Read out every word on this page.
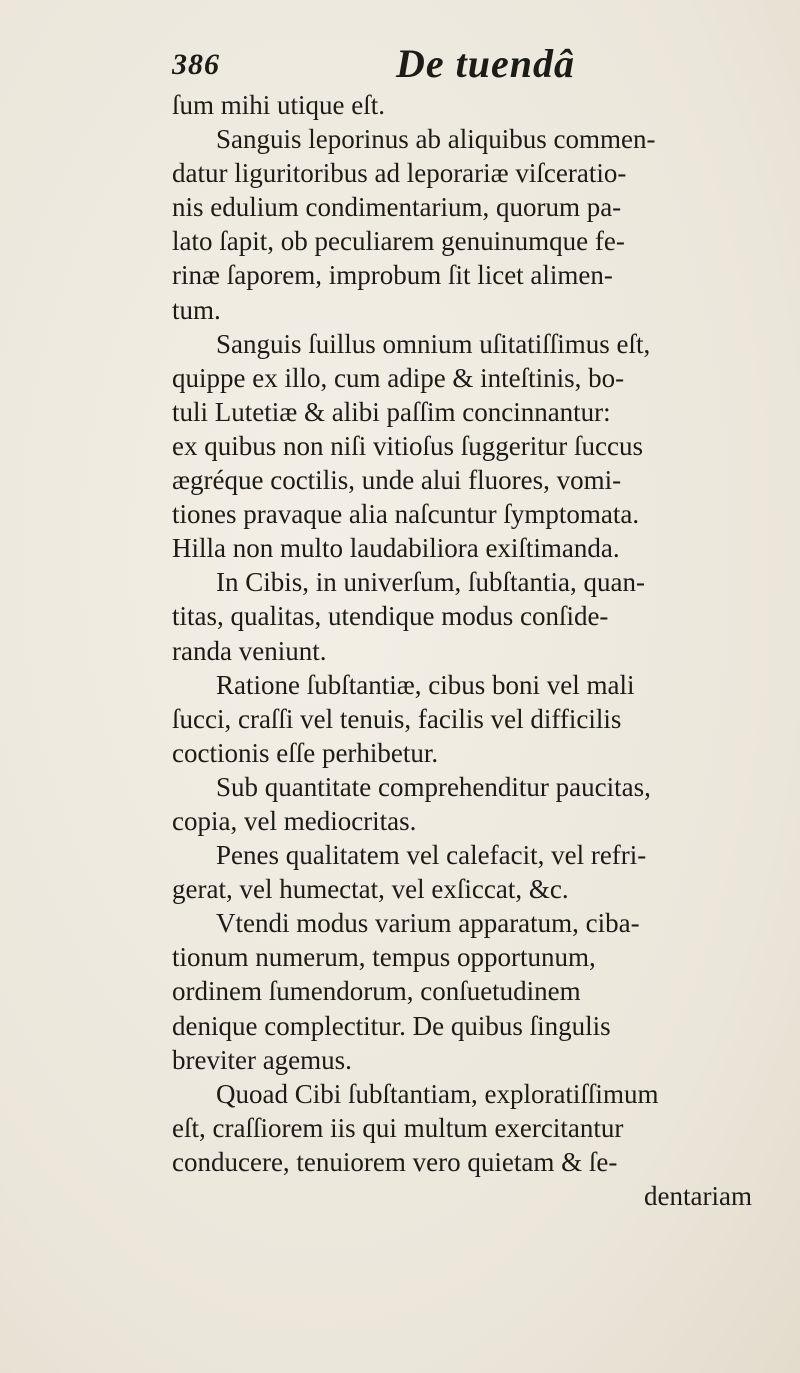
386	De tuendâ
ſum mihi utique eſt.
Sanguis leporinus ab aliquibus commen-
datur liguritoribus ad leporariæ viſceratio-
nis edulium condimentarium, quorum pa-
lato ſapit, ob peculiarem genuinumque fe-
rinæ ſaporem, improbum ſit licet alimen-
tum.
Sanguis ſuillus omnium uſitatiſſimus eſt,
quippe ex illo, cum adipe & inteſtinis, bo-
tuli Lutetiæ & alibi paſſim concinnantur:
ex quibus non niſi vitioſus ſuggeritur ſuccus
ægréque coctilis, unde alui fluores, vomi-
tiones pravaque alia naſcuntur ſymptomata.
Hilla non multo laudabiliora exiſtimanda.
In Cibis, in univerſum, ſubſtantia, quan-
titas, qualitas, utendique modus conſide-
randa veniunt.
Ratione ſubſtantiæ, cibus boni vel mali
ſucci, craſſi vel tenuis, facilis vel difficilis
coctionis eſſe perhibetur.
Sub quantitate comprehenditur paucitas,
copia, vel mediocritas.
Penes qualitatem vel calefacit, vel refri-
gerat, vel humectat, vel exſiccat, &c.
Vtendi modus varium apparatum, ciba-
tionum numerum, tempus opportunum,
ordinem ſumendorum, conſuetudinem
denique complectitur. De quibus ſingulis
breviter agemus.
Quoad Cibi ſubſtantiam, exploratiſſimum
eſt, craſſiorem iis qui multum exercitantur
conducere, tenuiorem vero quietam & ſe-
dentariam
